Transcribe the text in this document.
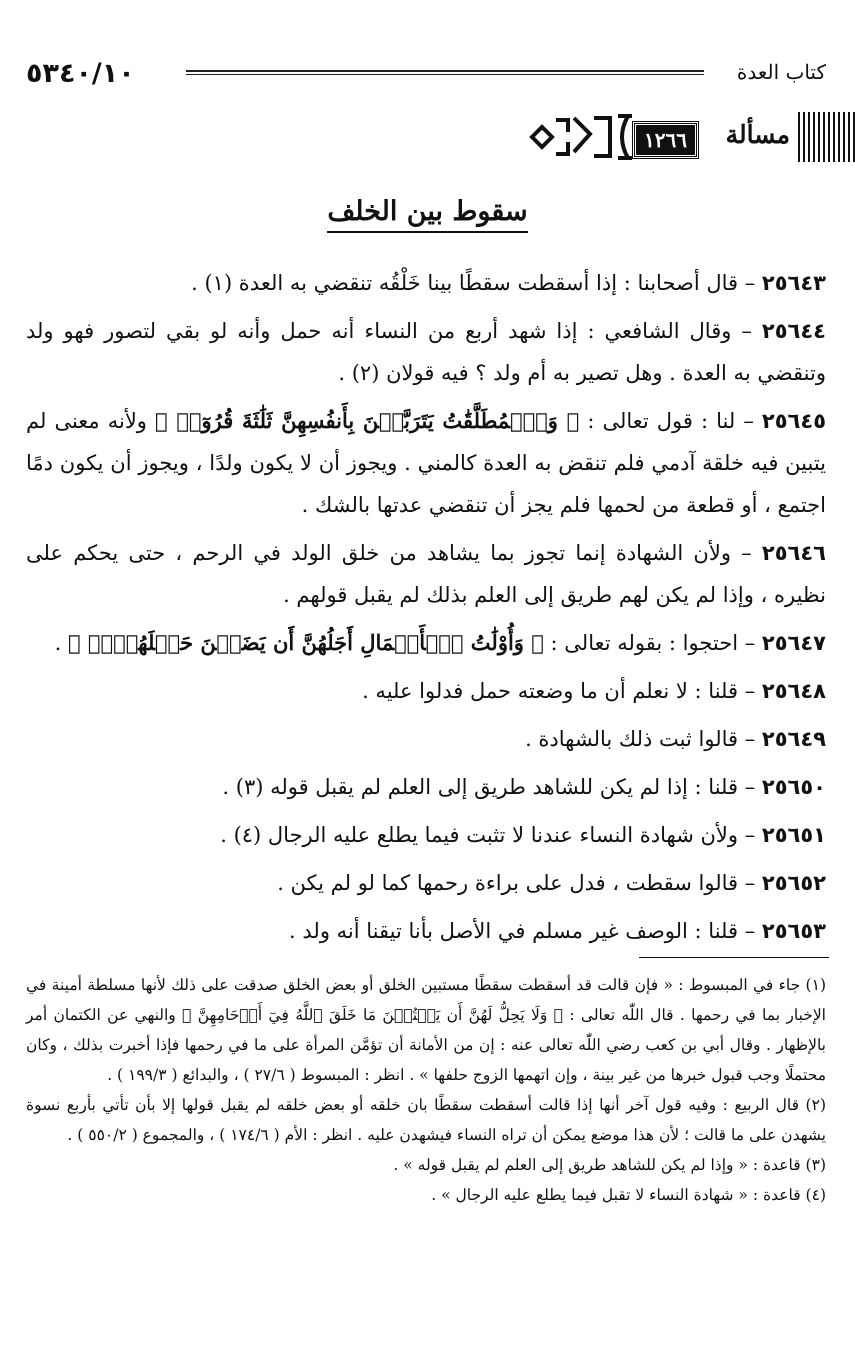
كتاب العدة
٥٣٤٠/١٠
مسألة
١٢٦٦
سقوط بين الخلف

٢٥٦٤٣ – قال أصحابنا : إذا أسقطت سقطًا بينا خَلْقُه تنقضي به العدة (١) .

٢٥٦٤٤ – وقال الشافعي : إذا شهد أربع من النساء أنه حمل وأنه لو بقي لتصور فهو ولد وتنقضي به العدة . وهل تصير به أم ولد ؟ فيه قولان (٢) .

٢٥٦٤٥ – لنا : قول تعالى : ﴿ وَٱلۡمُطَلَّقَٰتُ يَتَرَبَّصۡنَ بِأَنفُسِهِنَّ ثَلَٰثَةَ قُرُوٓءٖ ﴾ ولأنه معنى لم يتبين فيه خلقة آدمي فلم تنقض به العدة كالمني . ويجوز أن لا يكون ولدًا ، ويجوز أن يكون دمًا اجتمع ، أو قطعة من لحمها فلم يجز أن تنقضي عدتها بالشك .

٢٥٦٤٦ – ولأن الشهادة إنما تجوز بما يشاهد من خلق الولد في الرحم ، حتى يحكم على نظيره ، وإذا لم يكن لهم طريق إلى العلم بذلك لم يقبل قولهم .

٢٥٦٤٧ – احتجوا : بقوله تعالى : ﴿ وَأُوْلَٰتُ ٱلۡأَحۡمَالِ أَجَلُهُنَّ أَن يَضَعۡنَ حَمۡلَهُنَّۚ ﴾ .

٢٥٦٤٨ – قلنا : لا نعلم أن ما وضعته حمل فدلوا عليه .

٢٥٦٤٩ – قالوا ثبت ذلك بالشهادة .

٢٥٦٥٠ – قلنا : إذا لم يكن للشاهد طريق إلى العلم لم يقبل قوله (٣) .

٢٥٦٥١ – ولأن شهادة النساء عندنا لا تثبت فيما يطلع عليه الرجال (٤) .

٢٥٦٥٢ – قالوا سقطت ، فدل على براءة رحمها كما لو لم يكن .

٢٥٦٥٣ – قلنا : الوصف غير مسلم في الأصل بأنا تيقنا أنه ولد .

(١) جاء في المبسوط : « فإن قالت قد أسقطت سقطًا مستبين الخلق أو بعض الخلق صدقت على ذلك لأنها مسلطة أمينة في الإخبار بما في رحمها . قال اللّٰه تعالى : ﴿ وَلَا يَحِلُّ لَهُنَّ أَن يَكۡتُمۡنَ مَا خَلَقَ ٱللَّهُ فِيٓ أَرۡحَامِهِنَّ ﴾ والنهي عن الكتمان أمر بالإظهار . وقال أبي بن كعب رضي اللّٰه تعالى عنه : إن من الأمانة أن تؤمَّن المرأة على ما في رحمها فإذا أخبرت بذلك ، وكان محتملًا وجب قبول خبرها من غير بينة ، وإن اتهمها الزوج حلفها » . انظر : المبسوط ( ٢٧/٦ ) ، والبدائع ( ١٩٩/٣ ) .

(٢) قال الربيع : وفيه قول آخر أنها إذا قالت أسقطت سقطًا بان خلقه أو بعض خلقه لم يقبل قولها إلا بأن تأتي بأربع نسوة يشهدن على ما قالت ؛ لأن هذا موضع يمكن أن تراه النساء فيشهدن عليه . انظر : الأم ( ١٧٤/٦ ) ، والمجموع ( ٥٥٠/٢ ) .

(٣) قاعدة : « وإذا لم يكن للشاهد طريق إلى العلم لم يقبل قوله » .

(٤) قاعدة : « شهادة النساء لا تقبل فيما يطلع عليه الرجال » .
